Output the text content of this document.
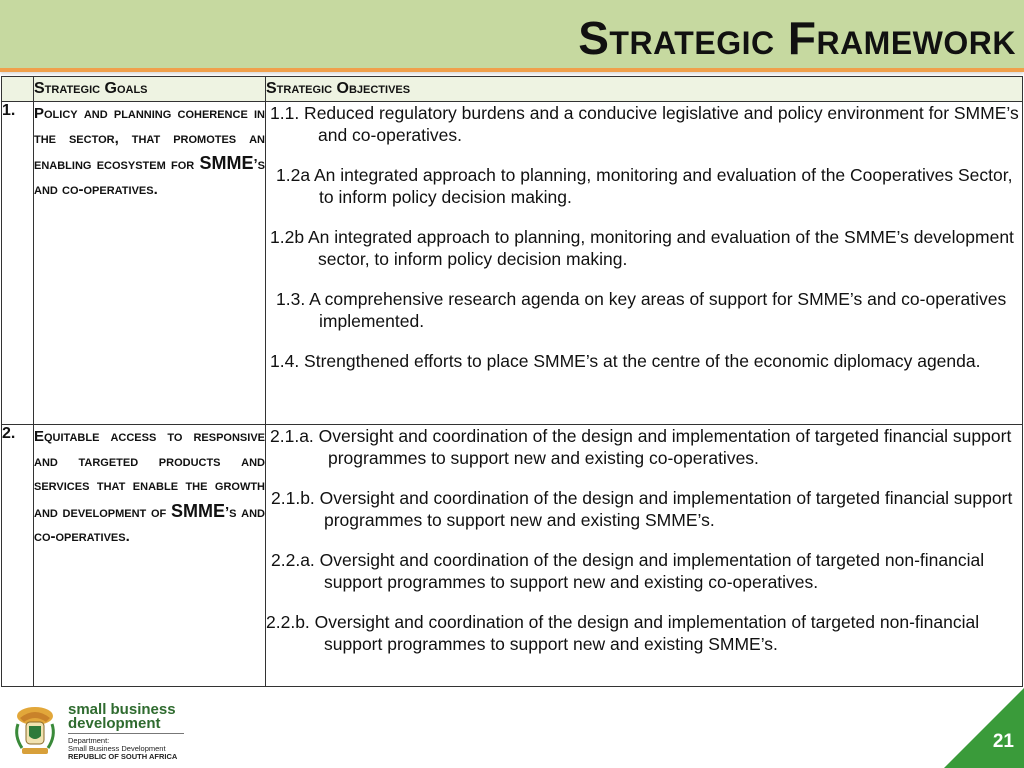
Strategic Framework
	Strategic Goals	Strategic Objectives
1.	Policy and planning coherence in the sector, that promotes an enabling ecosystem for SMME’s and co-operatives.	1.1. Reduced regulatory burdens and a conducive legislative and policy environment for SMME’s and co-operatives.

1.2a An integrated approach to planning, monitoring and evaluation of the Cooperatives Sector, to inform policy decision making.

1.2b An integrated approach to planning, monitoring and evaluation of the SMME’s development sector, to inform policy decision making.

1.3. A comprehensive research agenda on key areas of support for SMME’s and co-operatives implemented.

1.4. Strengthened efforts to place SMME’s at the centre of the economic diplomacy agenda.

2.	Equitable access to responsive and targeted products and services that enable the growth and development of SMME’s and co-operatives.	2.1.a. Oversight and coordination of the design and implementation of targeted financial support programmes to support new and existing co-operatives.

2.1.b. Oversight and coordination of the design and implementation of targeted financial support programmes to support new and existing SMME’s.

2.2.a. Oversight and coordination of the design and implementation of targeted non-financial support programmes to support new and existing co-operatives.

2.2.b. Oversight and coordination of the design and implementation of targeted non-financial support programmes to support new and existing SMME’s.

small business
development
Department:
Small Business Development
REPUBLIC OF SOUTH AFRICA
21
